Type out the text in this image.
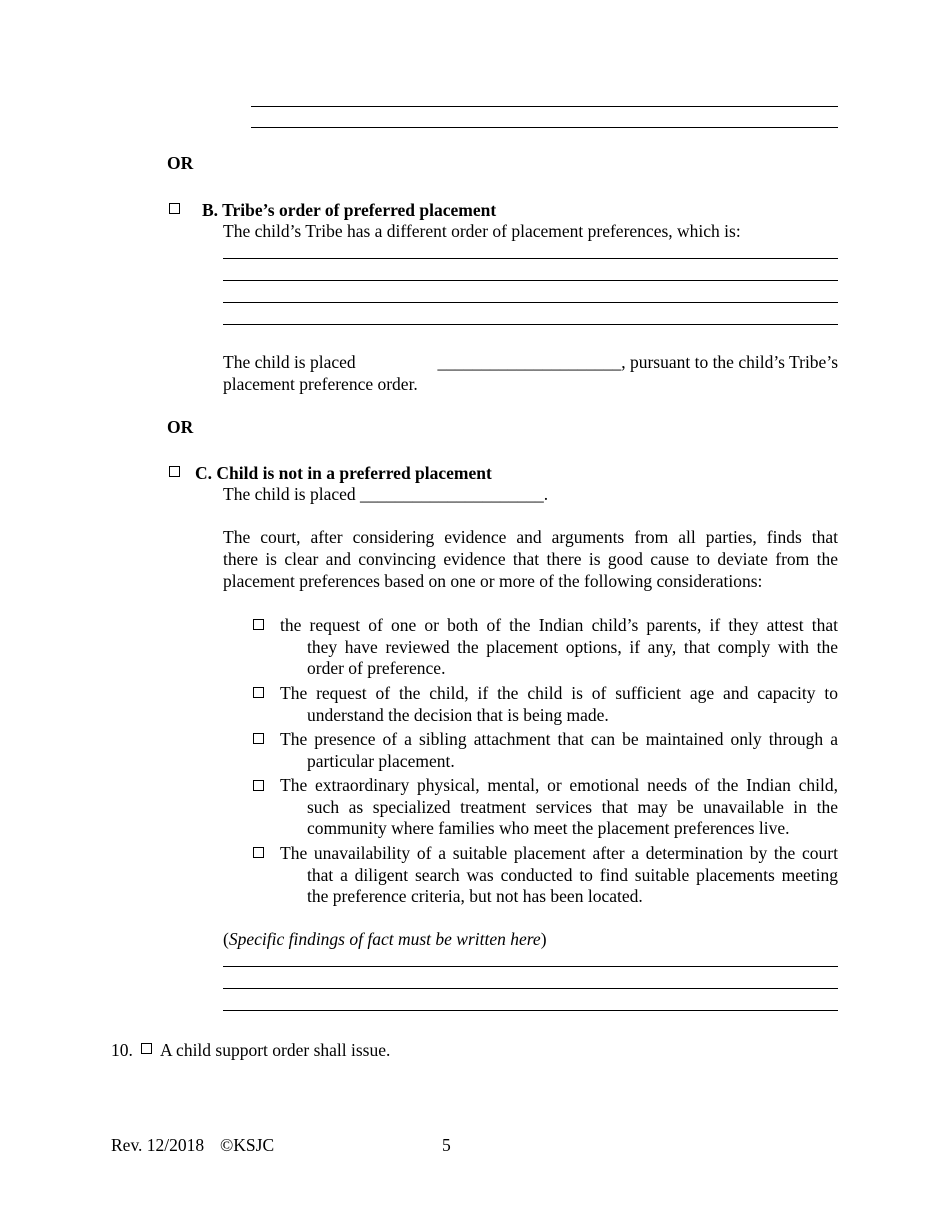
OR
B. Tribe’s order of preferred placement
The child’s Tribe has a different order of placement preferences, which is:
The child is placed	_____________________, pursuant to the child’s Tribe’s
placement preference order.
OR
C. Child is not in a preferred placement
The child is placed _____________________.
The court, after considering evidence and arguments from all parties, finds that
there is clear and convincing evidence that there is good cause to deviate from the
placement preferences based on one or more of the following considerations:
the request of one or both of the Indian child’s parents, if they attest that
they have reviewed the placement options, if any, that comply with the
order of preference.
The request of the child, if the child is of sufficient age and capacity to
understand the decision that is being made.
The presence of a sibling attachment that can be maintained only through a
particular placement.
The extraordinary physical, mental, or emotional needs of the Indian child,
such as specialized treatment services that may be unavailable in the
community where families who meet the placement preferences live.
The unavailability of a suitable placement after a determination by the court
that a diligent search was conducted to find suitable placements meeting
the preference criteria, but not has been located.
(Specific findings of fact must be written here)
10. A child support order shall issue.
Rev. 12/2018 ©KSJC	5
